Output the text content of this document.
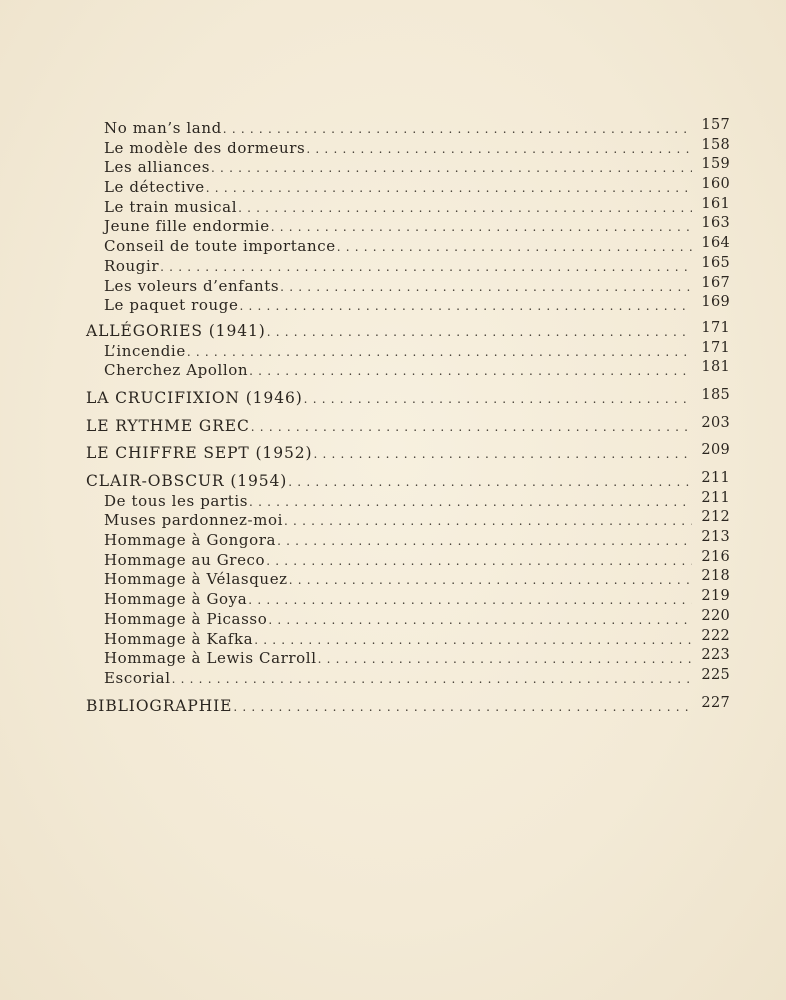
No man’s land . . .	157
Le modèle des dormeurs . . .	158
Les alliances . . .	159
Le détective . . .	160
Le train musical . . .	161
Jeune fille endormie . . .	163
Conseil de toute importance . . .	164
Rougir . . .	165
Les voleurs d’enfants . . .	167
Le paquet rouge . . .	169
ALLÉGORIES (1941) . . .	171
L’incendie . . .	171
Cherchez Apollon . . .	181
LA CRUCIFIXION (1946) . . .	185
LE RYTHME GREC . . .	203
LE CHIFFRE SEPT (1952) . . .	209
CLAIR-OBSCUR (1954) . . .	211
De tous les partis . . .	211
Muses pardonnez-moi . . .	212
Hommage à Gongora . . .	213
Hommage au Greco . . .	216
Hommage à Vélasquez . . .	218
Hommage à Goya . . .	219
Hommage à Picasso . . .	220
Hommage à Kafka . . .	222
Hommage à Lewis Carroll . . .	223
Escorial . . .	225
BIBLIOGRAPHIE . . .	227
